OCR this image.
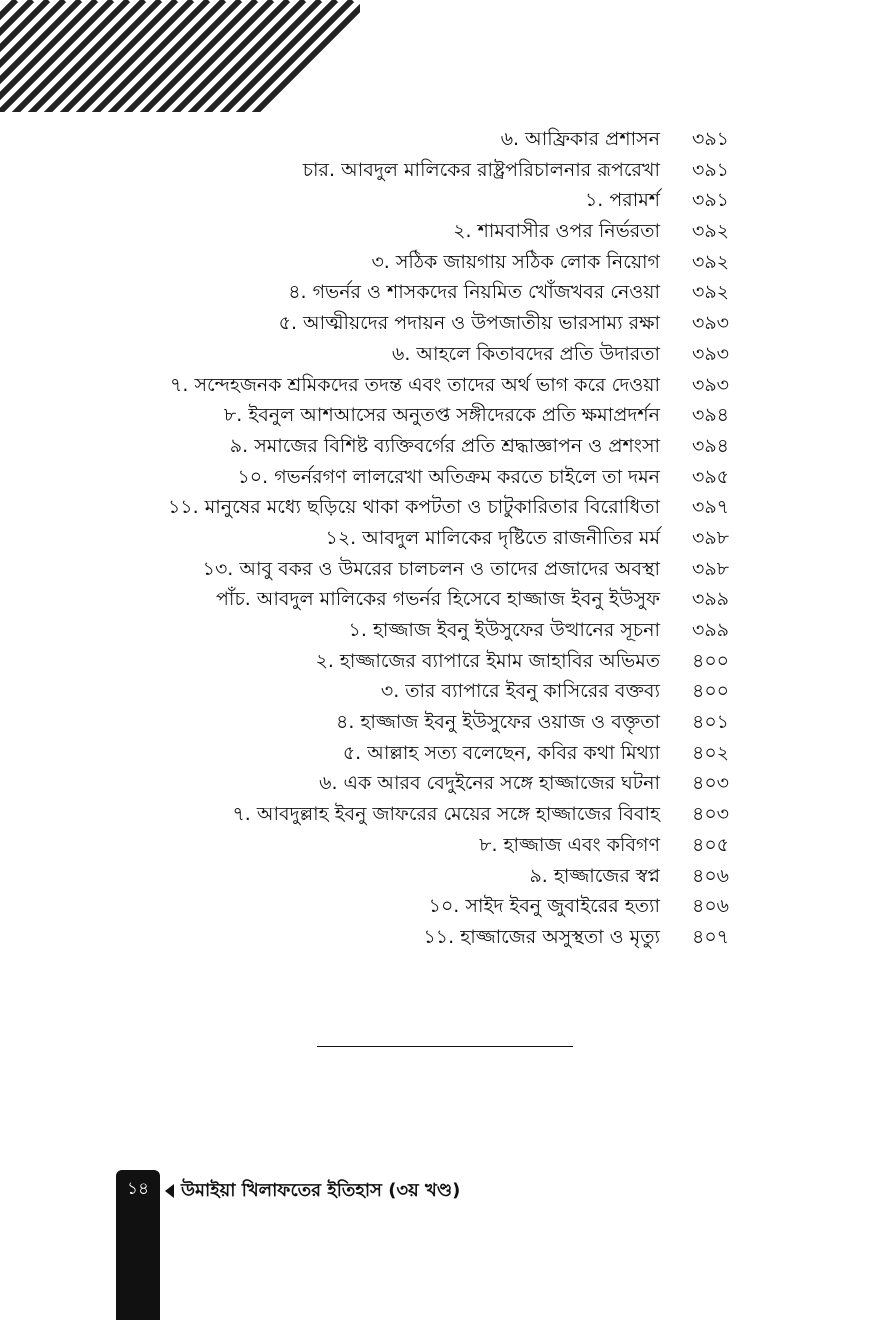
৬. আফ্রিকার প্রশাসন ৩৯১
চার. আবদুল মালিকের রাষ্ট্রপরিচালনার রূপরেখা ৩৯১
১. পরামর্শ ৩৯১
২. শামবাসীর ওপর নির্ভরতা ৩৯২
৩. সঠিক জায়গায় সঠিক লোক নিয়োগ ৩৯২
৪. গভর্নর ও শাসকদের নিয়মিত খোঁজখবর নেওয়া ৩৯২
৫. আত্মীয়দের পদায়ন ও উপজাতীয় ভারসাম্য রক্ষা ৩৯৩
৬. আহলে কিতাবদের প্রতি উদারতা ৩৯৩
৭. সন্দেহজনক শ্রমিকদের তদন্ত এবং তাদের অর্থ ভাগ করে দেওয়া ৩৯৩
৮. ইবনুল আশআসের অনুতপ্ত সঙ্গীদেরকে প্রতি ক্ষমাপ্রদর্শন ৩৯৪
৯. সমাজের বিশিষ্ট ব্যক্তিবর্গের প্রতি শ্রদ্ধাজ্ঞাপন ও প্রশংসা ৩৯৪
১০. গভর্নরগণ লালরেখা অতিক্রম করতে চাইলে তা দমন ৩৯৫
১১. মানুষের মধ্যে ছড়িয়ে থাকা কপটতা ও চাটুকারিতার বিরোধিতা ৩৯৭
১২. আবদুল মালিকের দৃষ্টিতে রাজনীতির মর্ম ৩৯৮
১৩. আবু বকর ও উমরের চালচলন ও তাদের প্রজাদের অবস্থা ৩৯৮
পাঁচ. আবদুল মালিকের গভর্নর হিসেবে হাজ্জাজ ইবনু ইউসুফ ৩৯৯
১. হাজ্জাজ ইবনু ইউসুফের উত্থানের সূচনা ৩৯৯
২. হাজ্জাজের ব্যাপারে ইমাম জাহাবির অভিমত ৪০০
৩. তার ব্যাপারে ইবনু কাসিরের বক্তব্য ৪০০
৪. হাজ্জাজ ইবনু ইউসুফের ওয়াজ ও বক্তৃতা ৪০১
৫. আল্লাহ সত্য বলেছেন, কবির কথা মিথ্যা ৪০২
৬. এক আরব বেদুইনের সঙ্গে হাজ্জাজের ঘটনা ৪০৩
৭. আবদুল্লাহ ইবনু জাফরের মেয়ের সঙ্গে হাজ্জাজের বিবাহ ৪০৩
৮. হাজ্জাজ এবং কবিগণ ৪০৫
৯. হাজ্জাজের স্বপ্ন ৪০৬
১০. সাইদ ইবনু জুবাইরের হত্যা ৪০৬
১১. হাজ্জাজের অসুস্থতা ও মৃত্যু ৪০৭
১৪	উমাইয়া খিলাফতের ইতিহাস (৩য় খণ্ড)
